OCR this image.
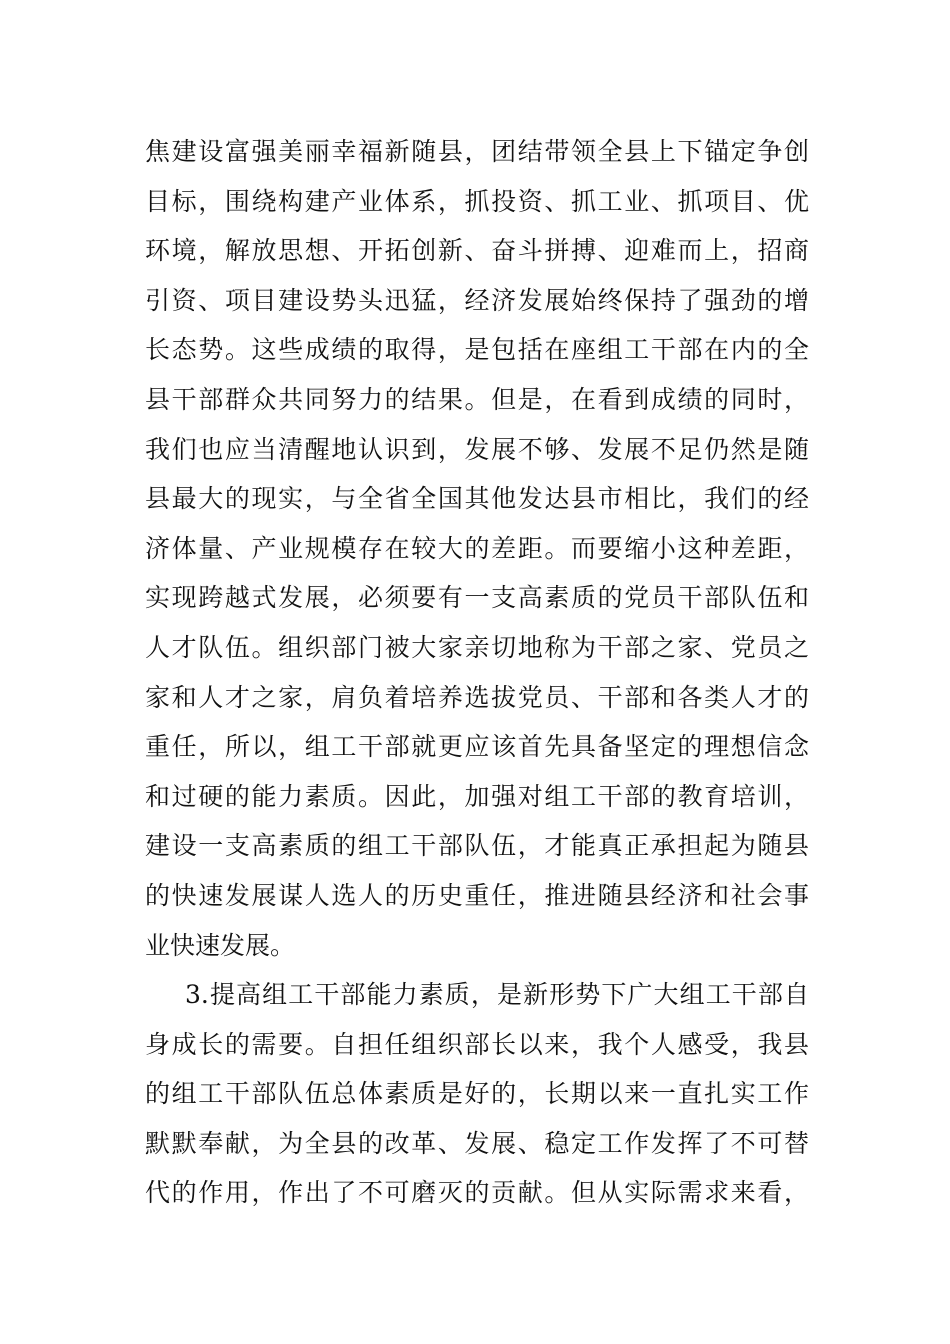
焦建设富强美丽幸福新随县，团结带领全县上下锚定争创
目标，围绕构建产业体系，抓投资、抓工业、抓项目、优
环境，解放思想、开拓创新、奋斗拼搏、迎难而上，招商
引资、项目建设势头迅猛，经济发展始终保持了强劲的增
长态势。这些成绩的取得，是包括在座组工干部在内的全
县干部群众共同努力的结果。但是，在看到成绩的同时，
我们也应当清醒地认识到，发展不够、发展不足仍然是随
县最大的现实，与全省全国其他发达县市相比，我们的经
济体量、产业规模存在较大的差距。而要缩小这种差距，
实现跨越式发展，必须要有一支高素质的党员干部队伍和
人才队伍。组织部门被大家亲切地称为干部之家、党员之
家和人才之家，肩负着培养选拔党员、干部和各类人才的
重任，所以，组工干部就更应该首先具备坚定的理想信念
和过硬的能力素质。因此，加强对组工干部的教育培训，
建设一支高素质的组工干部队伍，才能真正承担起为随县
的快速发展谋人选人的历史重任，推进随县经济和社会事
业快速发展。
3.提高组工干部能力素质，是新形势下广大组工干部自
身成长的需要。自担任组织部长以来，我个人感受，我县
的组工干部队伍总体素质是好的，长期以来一直扎实工作
默默奉献，为全县的改革、发展、稳定工作发挥了不可替
代的作用，作出了不可磨灭的贡献。但从实际需求来看，
